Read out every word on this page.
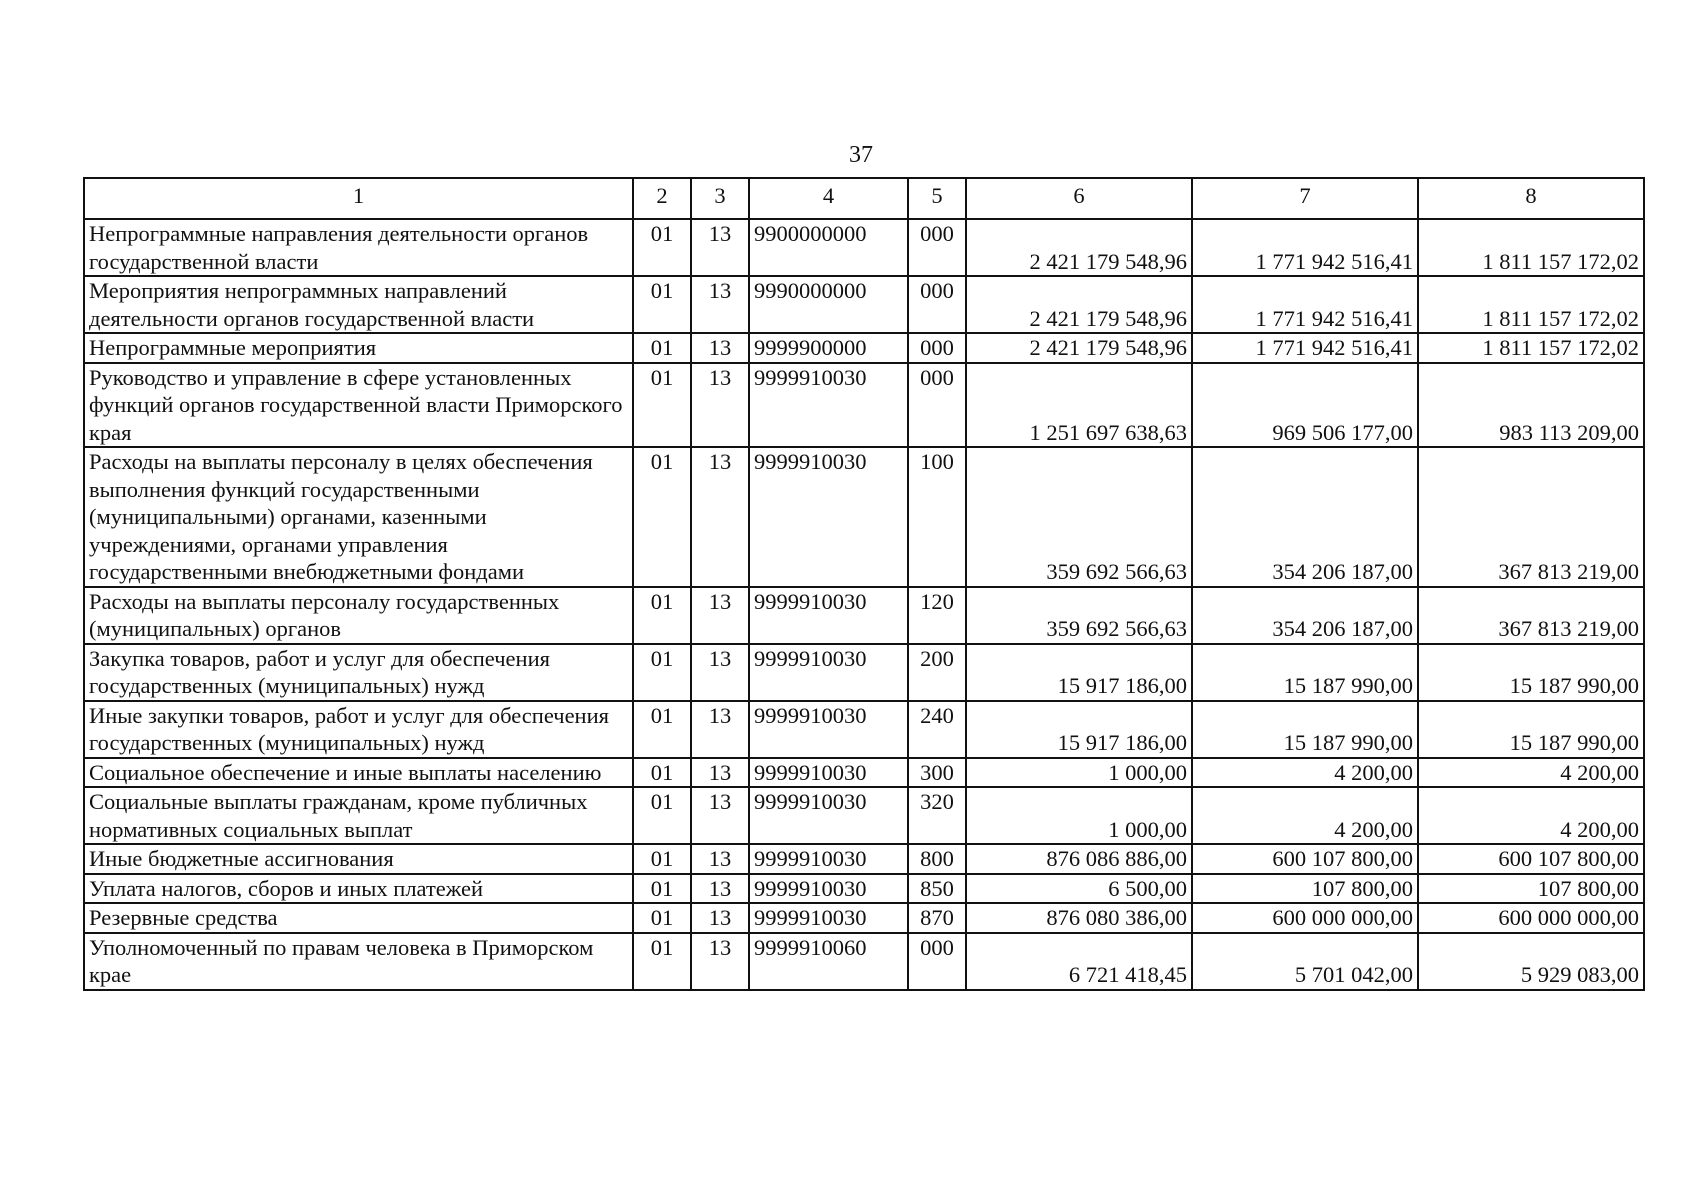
37
1	2	3	4	5	6	7	8
Непрограммные направления деятельности органов государственной власти	01	13	9900000000	000	2 421 179 548,96	1 771 942 516,41	1 811 157 172,02
Мероприятия непрограммных направлений деятельности органов государственной власти	01	13	9990000000	000	2 421 179 548,96	1 771 942 516,41	1 811 157 172,02
Непрограммные мероприятия	01	13	9999900000	000	2 421 179 548,96	1 771 942 516,41	1 811 157 172,02
Руководство и управление в сфере установленных функций органов государственной власти Приморского края	01	13	9999910030	000	1 251 697 638,63	969 506 177,00	983 113 209,00
Расходы на выплаты персоналу в целях обеспечения выполнения функций государственными (муниципальными) органами, казенными учреждениями, органами управления государственными внебюджетными фондами	01	13	9999910030	100	359 692 566,63	354 206 187,00	367 813 219,00
Расходы на выплаты персоналу государственных (муниципальных) органов	01	13	9999910030	120	359 692 566,63	354 206 187,00	367 813 219,00
Закупка товаров, работ и услуг для обеспечения государственных (муниципальных) нужд	01	13	9999910030	200	15 917 186,00	15 187 990,00	15 187 990,00
Иные закупки товаров, работ и услуг для обеспечения государственных (муниципальных) нужд	01	13	9999910030	240	15 917 186,00	15 187 990,00	15 187 990,00
Социальное обеспечение и иные выплаты населению	01	13	9999910030	300	1 000,00	4 200,00	4 200,00
Социальные выплаты гражданам, кроме публичных нормативных социальных выплат	01	13	9999910030	320	1 000,00	4 200,00	4 200,00
Иные бюджетные ассигнования	01	13	9999910030	800	876 086 886,00	600 107 800,00	600 107 800,00
Уплата налогов, сборов и иных платежей	01	13	9999910030	850	6 500,00	107 800,00	107 800,00
Резервные средства	01	13	9999910030	870	876 080 386,00	600 000 000,00	600 000 000,00
Уполномоченный по правам человека в Приморском крае	01	13	9999910060	000	6 721 418,45	5 701 042,00	5 929 083,00
